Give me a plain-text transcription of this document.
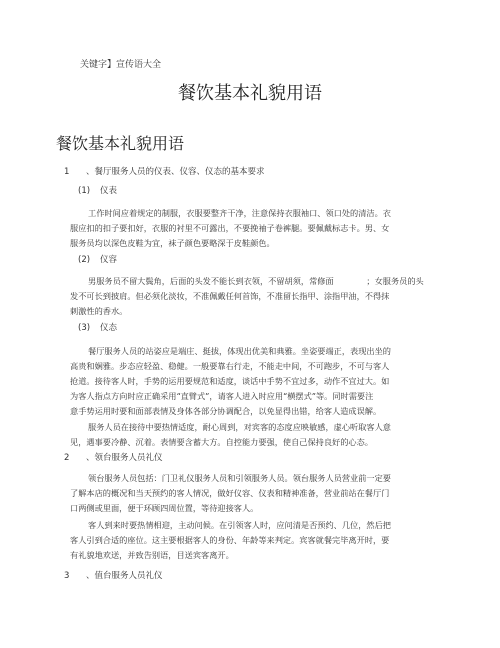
关键字】宣传语大全
餐饮基本礼貌用语
餐饮基本礼貌用语
1 、餐厅服务人员的仪表、仪容、仪态的基本要求
(1) 仪表

工作时间应着规定的制服，衣服要整齐干净，注意保持衣服袖口、领口处的清洁。衣

服应扣的扣子要扣好，衣服的衬里不可露出，不要挽袖子卷裤腿。要佩戴标志卡。男、女

服务员均以深色皮鞋为宜，袜子颜色要略深于皮鞋颜色。

(2) 仪容

男服务员不留大鬓角，后面的头发不能长到衣领，不留胡须，常修面　　　　；女服务员的头

发不可长到披肩。但必须化淡妆，不准佩戴任何首饰，不准留长指甲、涂指甲油，不得抹

刺激性的香水。

(3) 仪态

餐厅服务人员的站姿应是端庄、挺拔，体现出优美和典雅。坐姿要端正，表现出坐的

高贵和娴雅。步态应轻盈、稳健。一般要靠右行走，不能走中间，不可跑步，不可与客人

抢道。接待客人时，手势的运用要规范和适度，谈话中手势不宜过多，动作不宜过大。如

为客人指点方向时应正确采用“直臂式”，请客人进入时应用“横摆式”等。同时需要注

意手势运用时要和面部表情及身体各部分协调配合，以免显得出错，给客人造成误解。

服务人员在接待中要热情适度，耐心周到，对宾客的态度应映敏感，虚心听取客人意

见，遇事要冷静、沉着。表情要含蓄大方。自控能力要强，使自己保持良好的心态。

2 、领台服务人员礼仪

领台服务人员包括：门卫礼仪服务人员和引领服务人员。领台服务人员营业前一定要

了解本店的概况和当天预约的客人情况，做好仪容、仪表和精神准备，营业前站在餐厅门

口两侧或里面，便于环顾四周位置，等待迎接客人。

客人到来时要热情相迎，主动问候。在引领客人时，应问清是否预约、几位，然后把

客人引到合适的座位。这主要根据客人的身份、年龄等来判定。宾客就餐完毕离开时，要

有礼貌地欢送，并致告别语，目送宾客离开。

3 、值台服务人员礼仪
